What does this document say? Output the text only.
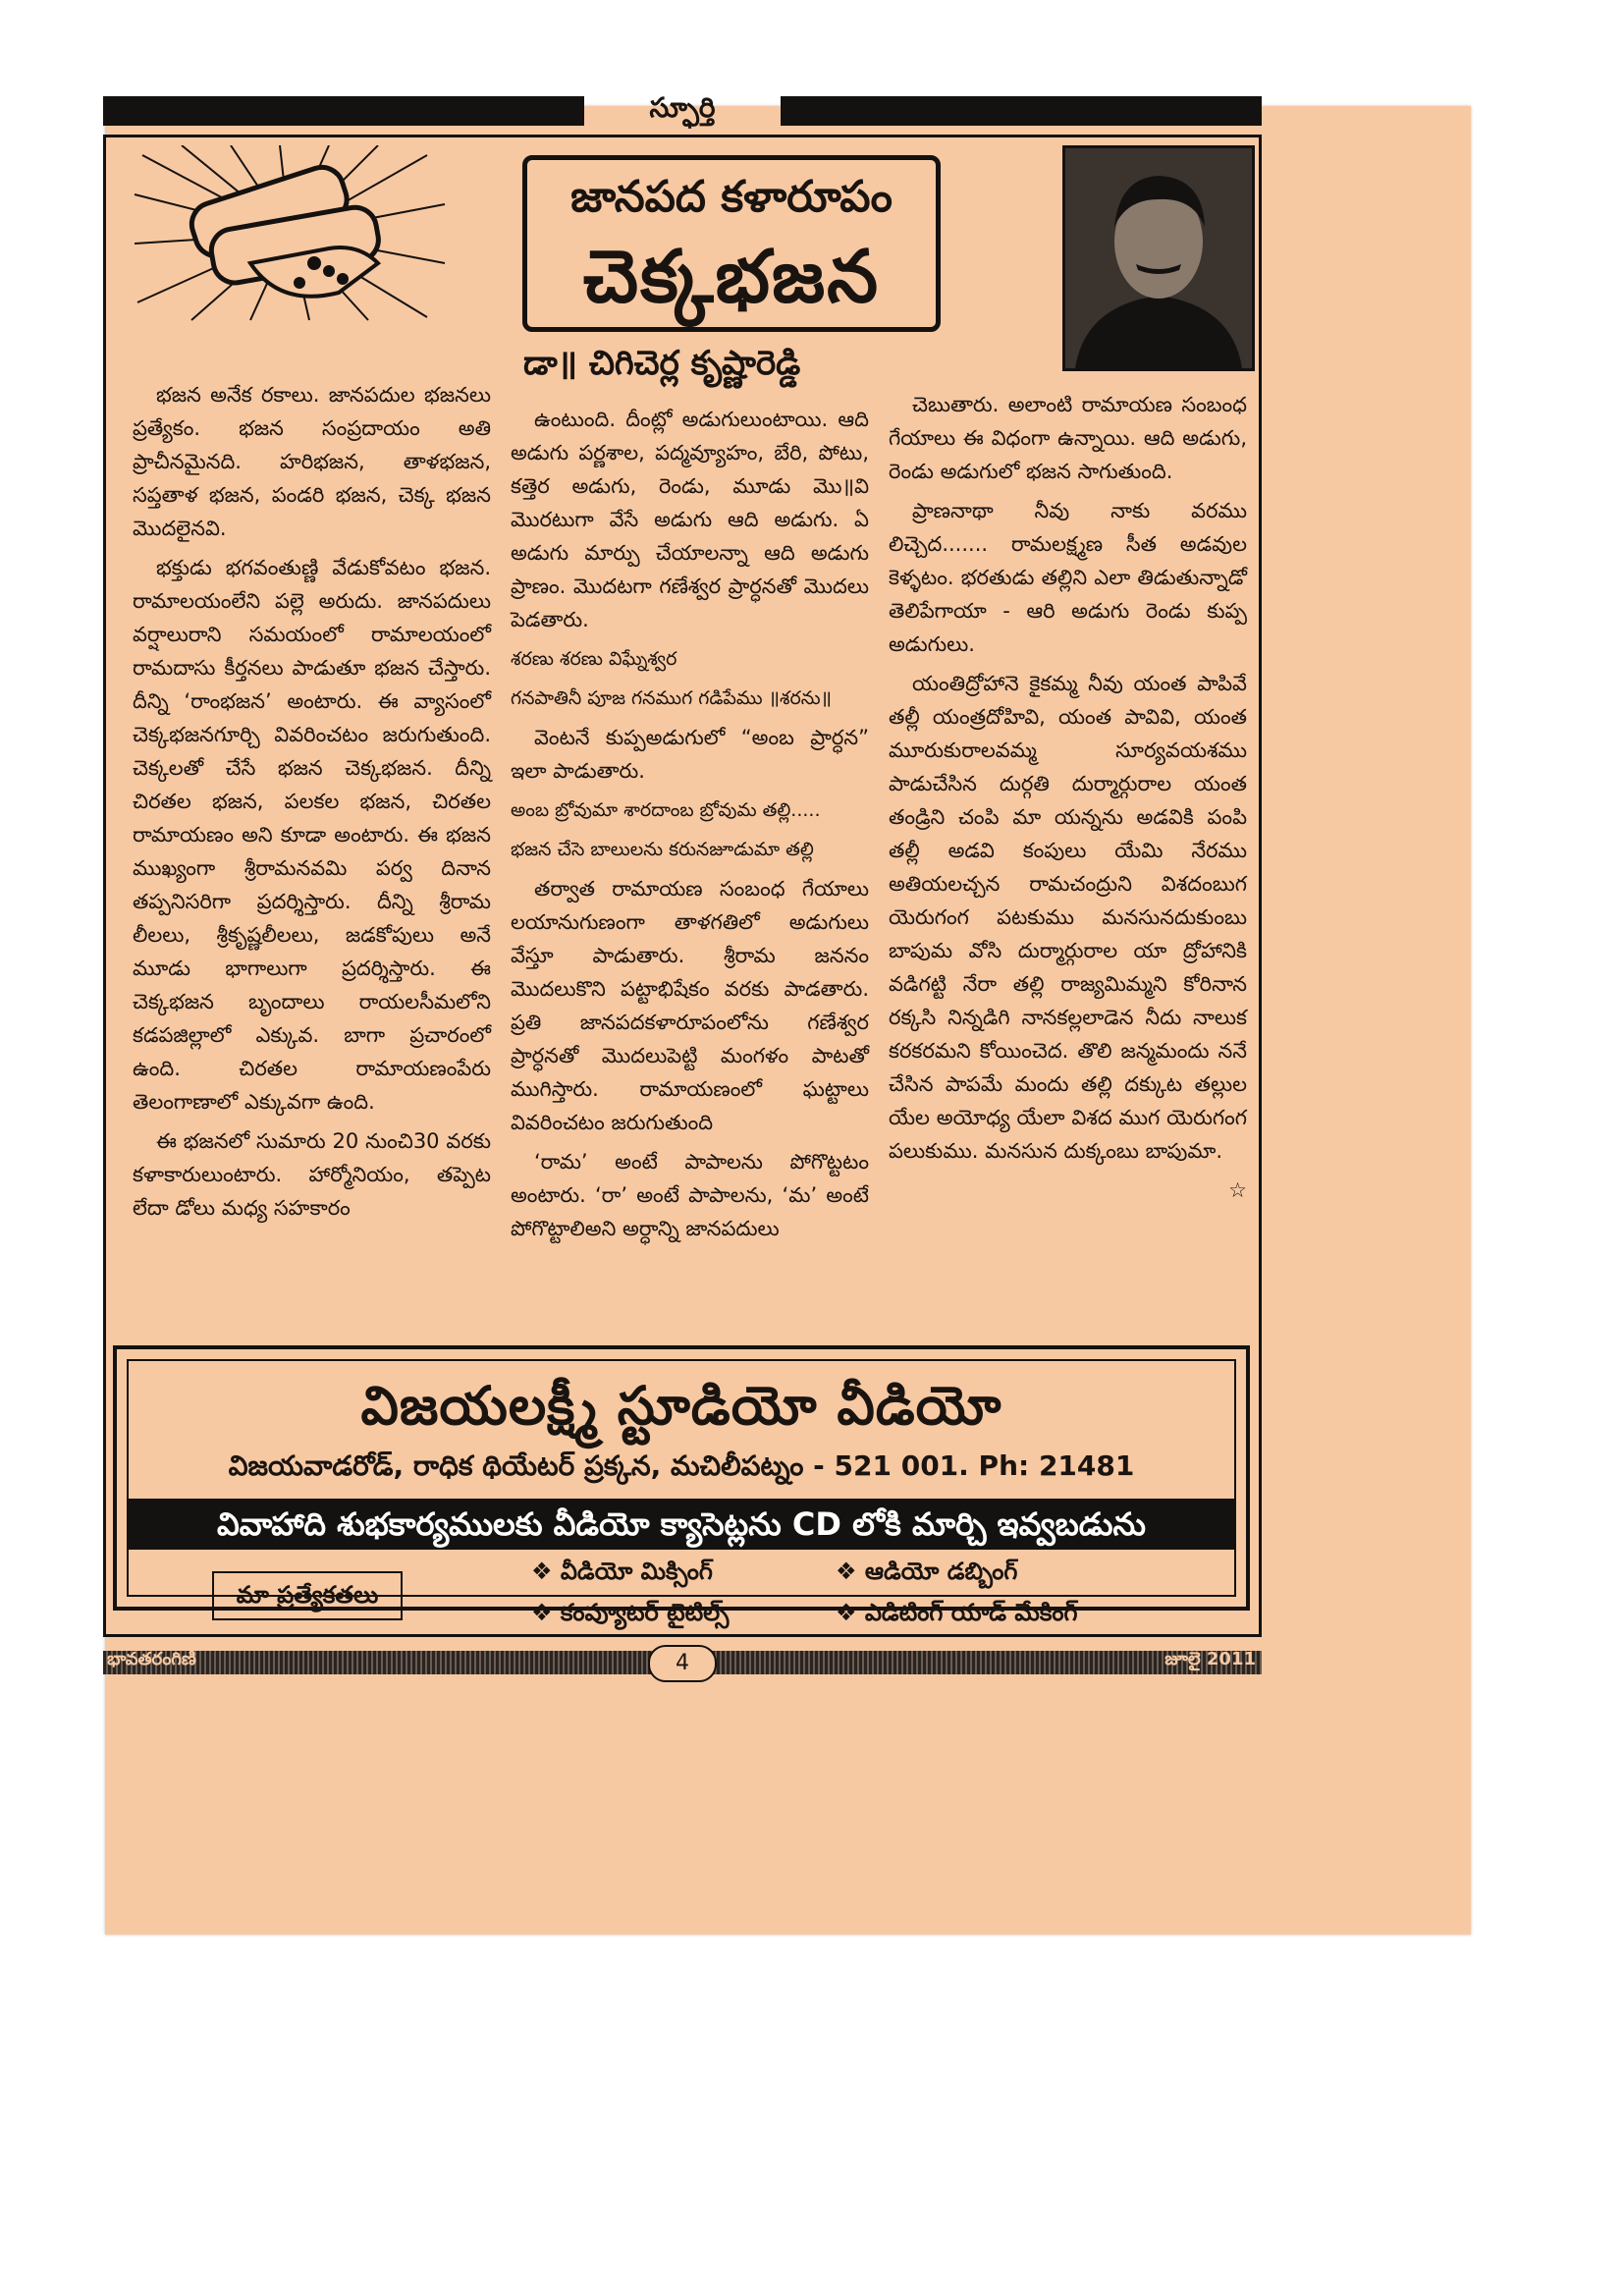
స్ఫూర్తి
జానపద కళారూపం
చెక్కభజన
డా॥ చిగిచెర్ల కృష్ణారెడ్డి

భజన అనేక రకాలు. జానపదుల భజనలు ప్రత్యేకం. భజన సంప్రదాయం అతి ప్రాచీనమైనది. హరిభజన, తాళభజన, సప్తతాళ భజన, పండరి భజన, చెక్క భజన మొదలైనవి.

భక్తుడు భగవంతుణ్ణి వేడుకోవటం భజన. రామాలయంలేని పల్లె అరుదు. జానపదులు వర్షాలురాని సమయంలో రామాలయంలో రామదాసు కీర్తనలు పాడుతూ భజన చేస్తారు. దీన్ని ‘రాంభజన’ అంటారు. ఈ వ్యాసంలో చెక్కభజనగూర్చి వివరించటం జరుగుతుంది. చెక్కలతో చేసే భజన చెక్కభజన. దీన్ని చిరతల భజన, పలకల భజన, చిరతల రామాయణం అని కూడా అంటారు. ఈ భజన ముఖ్యంగా శ్రీరామనవమి పర్వ దినాన తప్పనిసరిగా ప్రదర్శిస్తారు. దీన్ని శ్రీరామ లీలలు, శ్రీకృష్ణలీలలు, జడకోపులు అనే మూడు భాగాలుగా ప్రదర్శిస్తారు. ఈ చెక్కభజన బృందాలు రాయలసీమలోని కడపజిల్లాలో ఎక్కువ. బాగా ప్రచారంలో ఉంది. చిరతల రామాయణంపేరు తెలంగాణాలో ఎక్కువగా ఉంది.

ఈ భజనలో సుమారు 20 నుంచి30 వరకు కళాకారులుంటారు. హార్మోనియం, తప్పెట లేదా డోలు మధ్య సహకారం

ఉంటుంది. దీంట్లో అడుగులుంటాయి. ఆది అడుగు పర్ణశాల, పద్మవ్యూహం, బేరి, పోటు, కత్తెర అడుగు, రెండు, మూడు మొ॥వి మొరటుగా వేసే అడుగు ఆది అడుగు. ఏ అడుగు మార్పు చేయాలన్నా ఆది అడుగు ప్రాణం. మొదటగా గణేశ్వర ప్రార్ధనతో మొదలు పెడతారు.

శరణు శరణు విఘ్నేశ్వర

గనపాతినీ పూజ గనముగ గడిపేము ॥శరను॥

వెంటనే కుప్పఅడుగులో “అంబ ప్రార్ధన” ఇలా పాడుతారు.

అంబ బ్రోవుమా శారదాంబ బ్రోవుమ తల్లి.....

భజన చేసె బాలులను కరునజూడుమా తల్లి

తర్వాత రామాయణ సంబంధ గేయాలు లయానుగుణంగా తాళగతిలో అడుగులు వేస్తూ పాడుతారు. శ్రీరామ జననం మొదలుకొని పట్టాభిషేకం వరకు పాడతారు. ప్రతి జానపదకళారూపంలోను గణేశ్వర ప్రార్ధనతో మొదలుపెట్టి మంగళం పాటతో ముగిస్తారు. రామాయణంలో ఘట్టాలు వివరించటం జరుగుతుంది

‘రామ’ అంటే పాపాలను పోగొట్టటం అంటారు. ‘రా’ అంటే పాపాలను, ‘మ’ అంటే పోగొట్టాలిఅని అర్ధాన్ని జానపదులు

చెబుతారు. అలాంటి రామాయణ సంబంధ గేయాలు ఈ విధంగా ఉన్నాయి. ఆది అడుగు, రెండు అడుగులో భజన సాగుతుంది.

ప్రాణనాథా నీవు నాకు వరము లిచ్చెద....... రామలక్ష్మణ సీత అడవుల కెళ్ళటం. భరతుడు తల్లిని ఎలా తిడుతున్నాడో తెలిపేగాయా - ఆరి అడుగు రెండు కుప్ప అడుగులు.

యంతిద్రోహానె కైకమ్మ నీవు యంత పాపివే తల్లీ యంత్రదోహివి, యంత పావివి, యంత మూరుకురాలవమ్మ సూర్యవయశము పాడుచేసిన దుర్గతి దుర్మార్గురాల యంత తండ్రిని చంపి మా యన్నను అడవికి పంపి తల్లీ అడవి కంపులు యేమి నేరము అతియలచ్చన రామచంద్రుని విశదంబుగ యెరుగంగ పటకుము మనసునదుకుంబు బాపుమ వోసి దుర్మార్గురాల యా ద్రోహానికి వడిగట్టి నేరా తల్లి రాజ్యమిమ్మని కోరినాన రక్కసి నిన్నడిగి నానకల్లలాడెన నీదు నాలుక కరకరమని కోయించెద. తొలి జన్మమందు ననే చేసిన పాపమే మందు తల్లి దక్కుట తల్లుల యేల అయోధ్య యేలా విశద ముగ యెరుగంగ పలుకుము. మనసున దుక్కంబు బాపుమా.

☆
విజయలక్ష్మీ స్టూడియో వీడియో
విజయవాడరోడ్, రాధిక థియేటర్ ప్రక్కన, మచిలీపట్నం - 521 001. Ph: 21481
వివాహాది శుభకార్యములకు వీడియో క్యాసెట్లను CD లోకి మార్చి ఇవ్వబడును
మా ప్రత్యేకతలు
❖ వీడియో మిక్సింగ్	❖ ఆడియో డబ్బింగ్
❖ కంప్యూటర్ టైటిల్స్	❖ ఎడిటింగ్ యాడ్ మేకింగ్
భావతరంగిణి	4	జూలై 2011
